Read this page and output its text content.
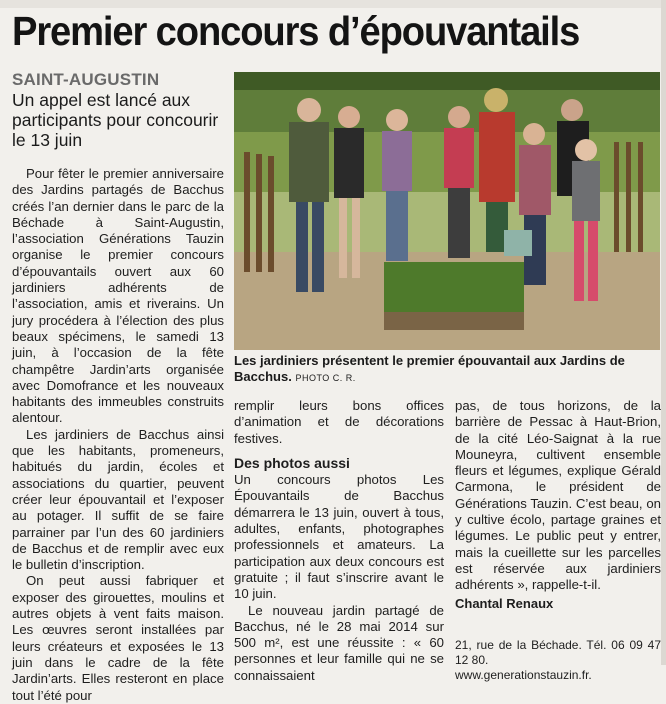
Premier concours d’épouvantails
SAINT-AUGUSTIN
Un appel est lancé aux participants pour concourir le 13 juin

Pour fêter le premier anniversaire des Jardins partagés de Bacchus créés l’an dernier dans le parc de la Béchade à Saint-Augustin, l’association Générations Tauzin organise le premier concours d’épouvantails ouvert aux 60 jardiniers adhérents de l’association, amis et riverains. Un jury procédera à l’élection des plus beaux spécimens, le samedi 13 juin, à l’occasion de la fête champêtre Jardin’arts organisée avec Domofrance et les nouveaux habitants des immeubles construits alentour.

Les jardiniers de Bacchus ainsi que les habitants, promeneurs, habitués du jardin, écoles et associations du quartier, peuvent créer leur épouvantail et l’exposer au potager. Il suffit de se faire parrainer par l’un des 60 jardiniers de Bacchus et de remplir avec eux le bulletin d’inscription.

On peut aussi fabriquer et exposer des girouettes, moulins et autres objets à vent faits maison. Les œuvres seront installées par leurs créateurs et exposées le 13 juin dans le cadre de la fête Jardin’arts. Elles resteront en place tout l’été pour

Les jardiniers présentent le premier épouvantail aux Jardins de Bacchus. PHOTO C. R.

remplir leurs bons offices d’animation et de décorations festives.

Des photos aussi

Un concours photos Les Épouvantails de Bacchus démarrera le 13 juin, ouvert à tous, adultes, enfants, photographes professionnels et amateurs. La participation aux deux concours est gratuite ; il faut s’inscrire avant le 10 juin.

Le nouveau jardin partagé de Bacchus, né le 28 mai 2014 sur 500 m², est une réussite : « 60 personnes et leur famille qui ne se connaissaient

pas, de tous horizons, de la barrière de Pessac à Haut-Brion, de la cité Léo-Saignat à la rue Mouneyra, cultivent ensemble fleurs et légumes, explique Gérald Carmona, le président de Générations Tauzin. C’est beau, on y cultive écolo, partage graines et légumes. Le public peut y entrer, mais la cueillette sur les parcelles est réservée aux jardiniers adhérents », rappelle-t-il.

Chantal Renaux
21, rue de la Béchade. Tél. 06 09 47 12 80.
www.generationstauzin.fr.
